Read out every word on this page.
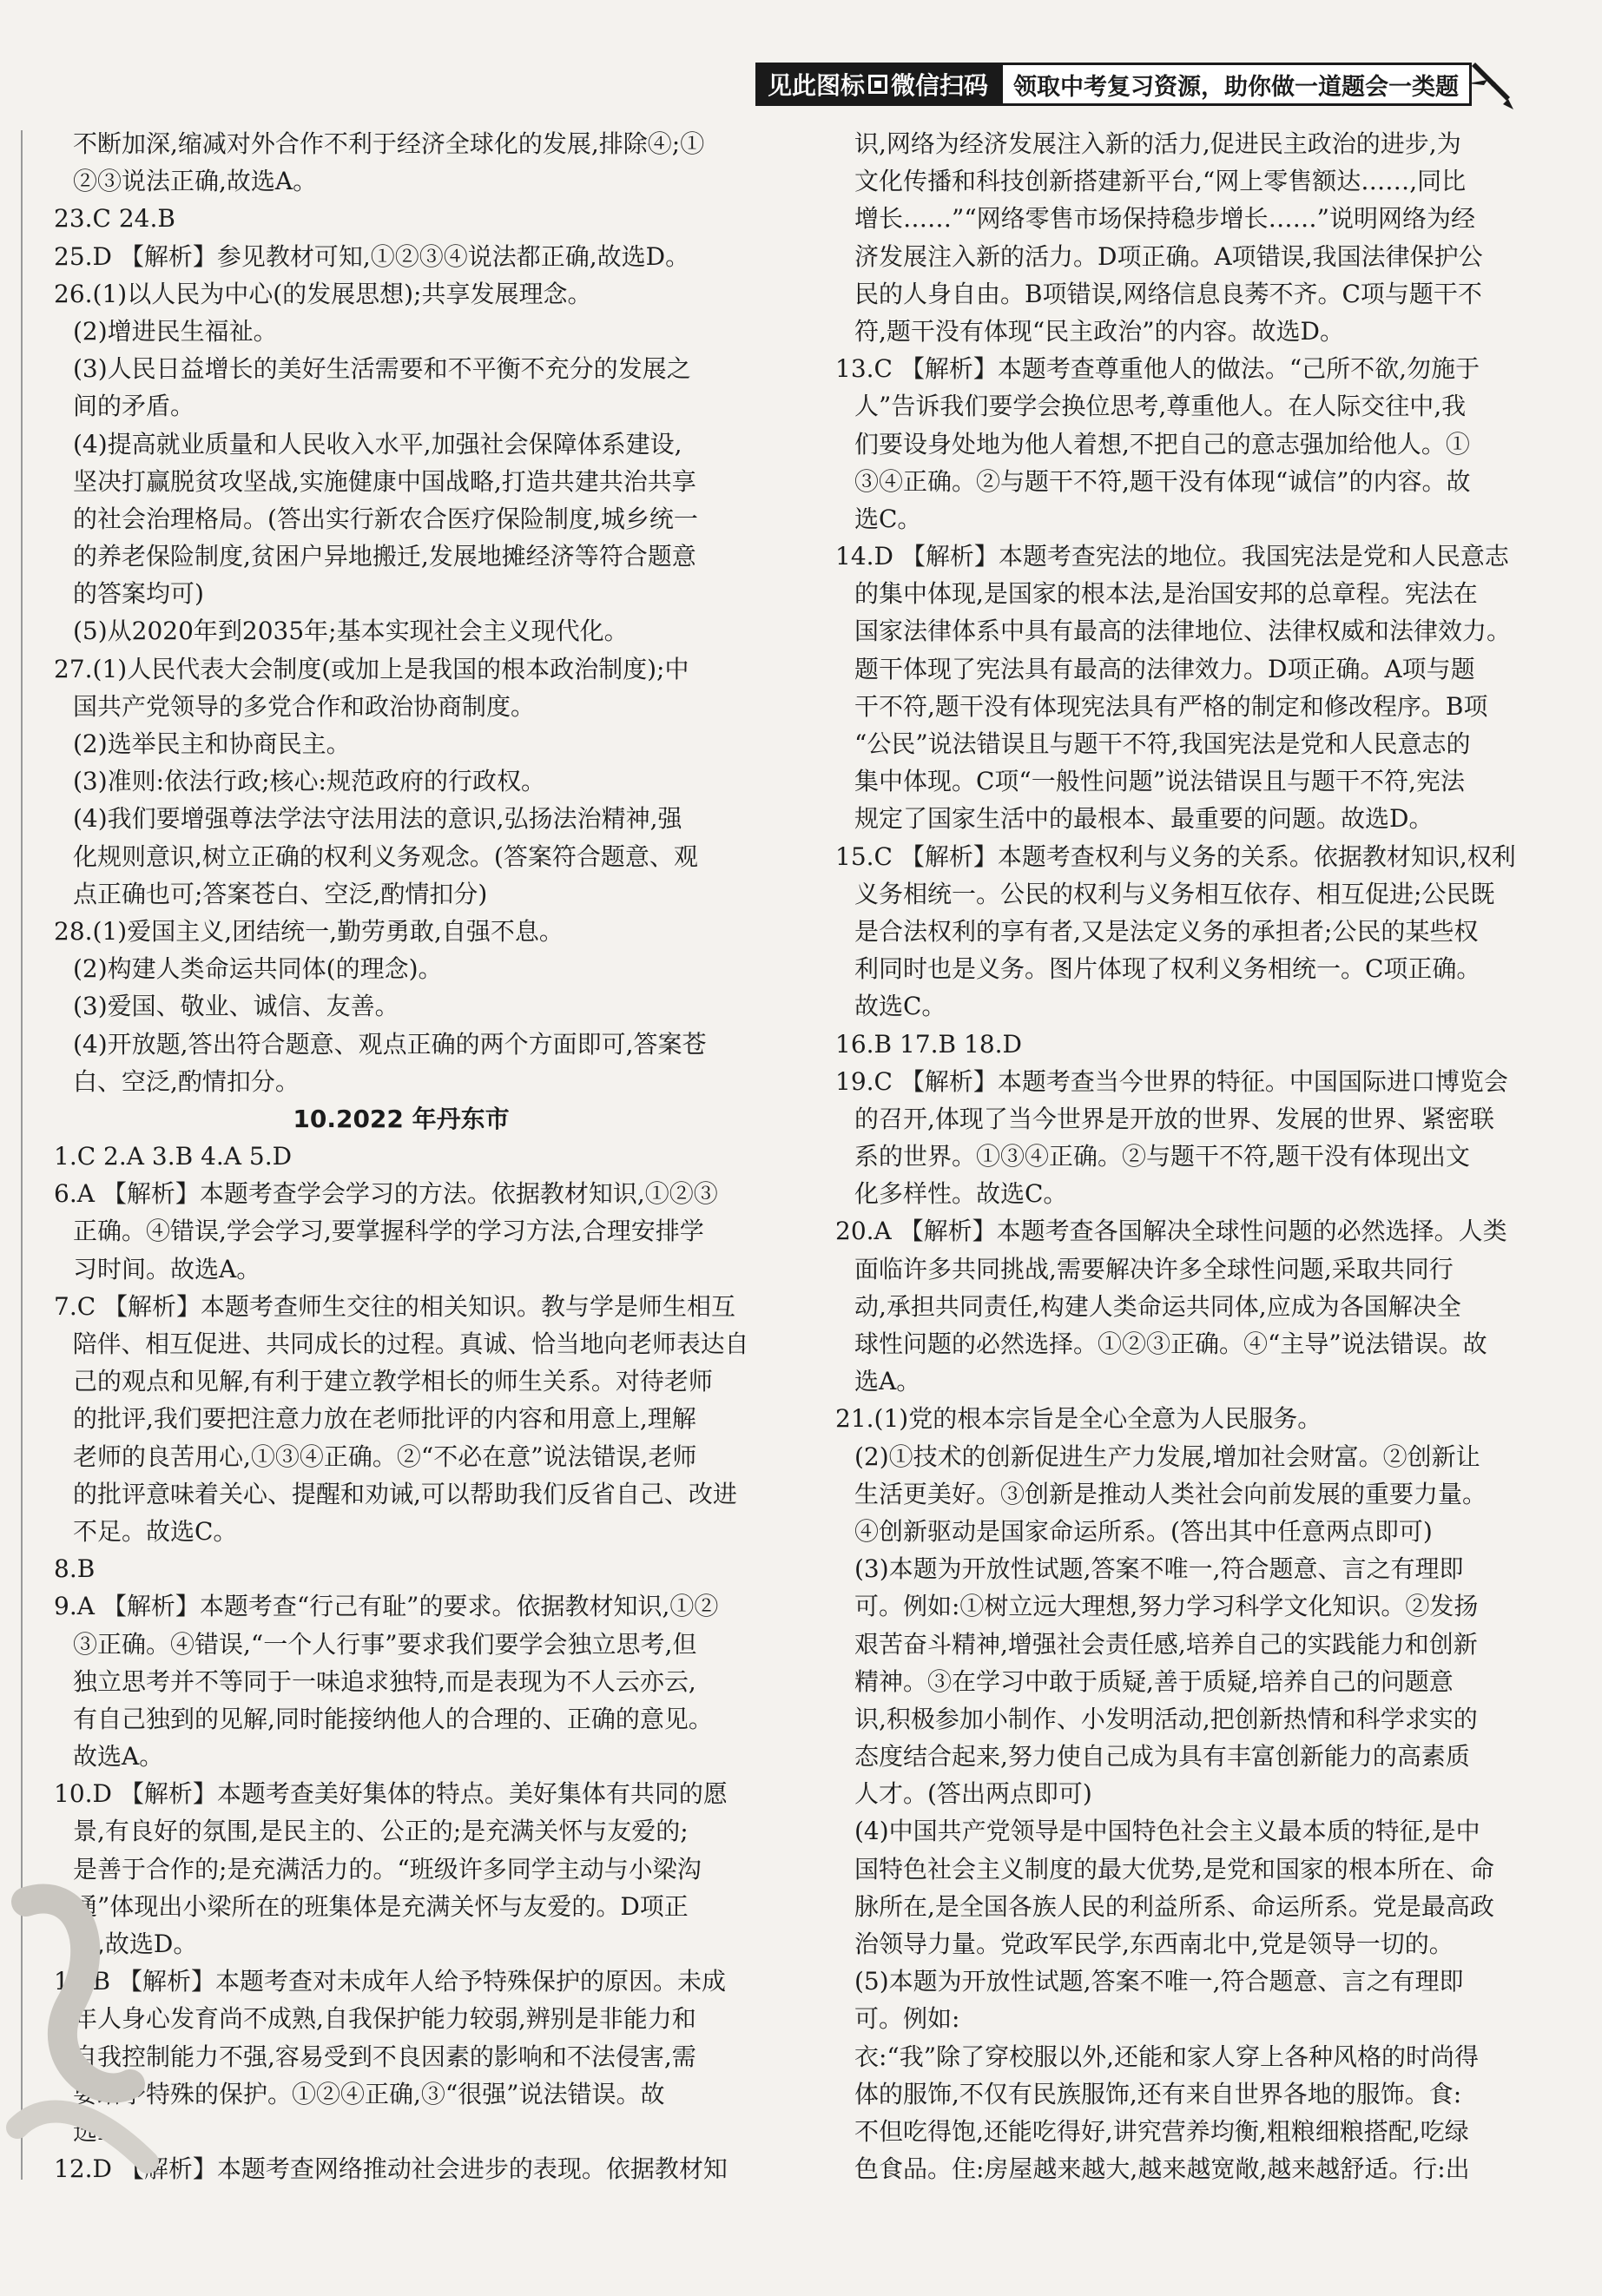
见此图标 微信扫码	领取中考复习资源，助你做一道题会一类题
不断加深,缩减对外合作不利于经济全球化的发展,排除④;①
②③说法正确,故选A。
23.C 24.B
25.D 【解析】参见教材可知,①②③④说法都正确,故选D。
26.(1)以人民为中心(的发展思想);共享发展理念。
(2)增进民生福祉。
(3)人民日益增长的美好生活需要和不平衡不充分的发展之
间的矛盾。
(4)提高就业质量和人民收入水平,加强社会保障体系建设,
坚决打赢脱贫攻坚战,实施健康中国战略,打造共建共治共享
的社会治理格局。(答出实行新农合医疗保险制度,城乡统一
的养老保险制度,贫困户异地搬迁,发展地摊经济等符合题意
的答案均可)
(5)从2020年到2035年;基本实现社会主义现代化。
27.(1)人民代表大会制度(或加上是我国的根本政治制度);中
国共产党领导的多党合作和政治协商制度。
(2)选举民主和协商民主。
(3)准则:依法行政;核心:规范政府的行政权。
(4)我们要增强尊法学法守法用法的意识,弘扬法治精神,强
化规则意识,树立正确的权利义务观念。(答案符合题意、观
点正确也可;答案苍白、空泛,酌情扣分)
28.(1)爱国主义,团结统一,勤劳勇敢,自强不息。
(2)构建人类命运共同体(的理念)。
(3)爱国、敬业、诚信、友善。
(4)开放题,答出符合题意、观点正确的两个方面即可,答案苍
白、空泛,酌情扣分。
10.2022 年丹东市
1.C 2.A 3.B 4.A 5.D
6.A 【解析】本题考查学会学习的方法。依据教材知识,①②③
正确。④错误,学会学习,要掌握科学的学习方法,合理安排学
习时间。故选A。
7.C 【解析】本题考查师生交往的相关知识。教与学是师生相互
陪伴、相互促进、共同成长的过程。真诚、恰当地向老师表达自
己的观点和见解,有利于建立教学相长的师生关系。对待老师
的批评,我们要把注意力放在老师批评的内容和用意上,理解
老师的良苦用心,①③④正确。②“不必在意”说法错误,老师
的批评意味着关心、提醒和劝诫,可以帮助我们反省自己、改进
不足。故选C。
8.B
9.A 【解析】本题考查“行己有耻”的要求。依据教材知识,①②
③正确。④错误,“一个人行事”要求我们要学会独立思考,但
独立思考并不等同于一味追求独特,而是表现为不人云亦云,
有自己独到的见解,同时能接纳他人的合理的、正确的意见。
故选A。
10.D 【解析】本题考查美好集体的特点。美好集体有共同的愿
景,有良好的氛围,是民主的、公正的;是充满关怀与友爱的;
是善于合作的;是充满活力的。“班级许多同学主动与小梁沟
通”体现出小梁所在的班集体是充满关怀与友爱的。D项正
确,故选D。
11.B 【解析】本题考查对未成年人给予特殊保护的原因。未成
年人身心发育尚不成熟,自我保护能力较弱,辨别是非能力和
自我控制能力不强,容易受到不良因素的影响和不法侵害,需
要给予特殊的保护。①②④正确,③“很强”说法错误。故
选B。
12.D 【解析】本题考查网络推动社会进步的表现。依据教材知
识,网络为经济发展注入新的活力,促进民主政治的进步,为
文化传播和科技创新搭建新平台,“网上零售额达……,同比
增长……”“网络零售市场保持稳步增长……”说明网络为经
济发展注入新的活力。D项正确。A项错误,我国法律保护公
民的人身自由。B项错误,网络信息良莠不齐。C项与题干不
符,题干没有体现“民主政治”的内容。故选D。
13.C 【解析】本题考查尊重他人的做法。“己所不欲,勿施于
人”告诉我们要学会换位思考,尊重他人。在人际交往中,我
们要设身处地为他人着想,不把自己的意志强加给他人。①
③④正确。②与题干不符,题干没有体现“诚信”的内容。故
选C。
14.D 【解析】本题考查宪法的地位。我国宪法是党和人民意志
的集中体现,是国家的根本法,是治国安邦的总章程。宪法在
国家法律体系中具有最高的法律地位、法律权威和法律效力。
题干体现了宪法具有最高的法律效力。D项正确。A项与题
干不符,题干没有体现宪法具有严格的制定和修改程序。B项
“公民”说法错误且与题干不符,我国宪法是党和人民意志的
集中体现。C项“一般性问题”说法错误且与题干不符,宪法
规定了国家生活中的最根本、最重要的问题。故选D。
15.C 【解析】本题考查权利与义务的关系。依据教材知识,权利
义务相统一。公民的权利与义务相互依存、相互促进;公民既
是合法权利的享有者,又是法定义务的承担者;公民的某些权
利同时也是义务。图片体现了权利义务相统一。C项正确。
故选C。
16.B 17.B 18.D
19.C 【解析】本题考查当今世界的特征。中国国际进口博览会
的召开,体现了当今世界是开放的世界、发展的世界、紧密联
系的世界。①③④正确。②与题干不符,题干没有体现出文
化多样性。故选C。
20.A 【解析】本题考查各国解决全球性问题的必然选择。人类
面临许多共同挑战,需要解决许多全球性问题,采取共同行
动,承担共同责任,构建人类命运共同体,应成为各国解决全
球性问题的必然选择。①②③正确。④“主导”说法错误。故
选A。
21.(1)党的根本宗旨是全心全意为人民服务。
(2)①技术的创新促进生产力发展,增加社会财富。②创新让
生活更美好。③创新是推动人类社会向前发展的重要力量。
④创新驱动是国家命运所系。(答出其中任意两点即可)
(3)本题为开放性试题,答案不唯一,符合题意、言之有理即
可。例如:①树立远大理想,努力学习科学文化知识。②发扬
艰苦奋斗精神,增强社会责任感,培养自己的实践能力和创新
精神。③在学习中敢于质疑,善于质疑,培养自己的问题意
识,积极参加小制作、小发明活动,把创新热情和科学求实的
态度结合起来,努力使自己成为具有丰富创新能力的高素质
人才。(答出两点即可)
(4)中国共产党领导是中国特色社会主义最本质的特征,是中
国特色社会主义制度的最大优势,是党和国家的根本所在、命
脉所在,是全国各族人民的利益所系、命运所系。党是最高政
治领导力量。党政军民学,东西南北中,党是领导一切的。
(5)本题为开放性试题,答案不唯一,符合题意、言之有理即
可。例如:
衣:“我”除了穿校服以外,还能和家人穿上各种风格的时尚得
体的服饰,不仅有民族服饰,还有来自世界各地的服饰。食:
不但吃得饱,还能吃得好,讲究营养均衡,粗粮细粮搭配,吃绿
色食品。住:房屋越来越大,越来越宽敞,越来越舒适。行:出
